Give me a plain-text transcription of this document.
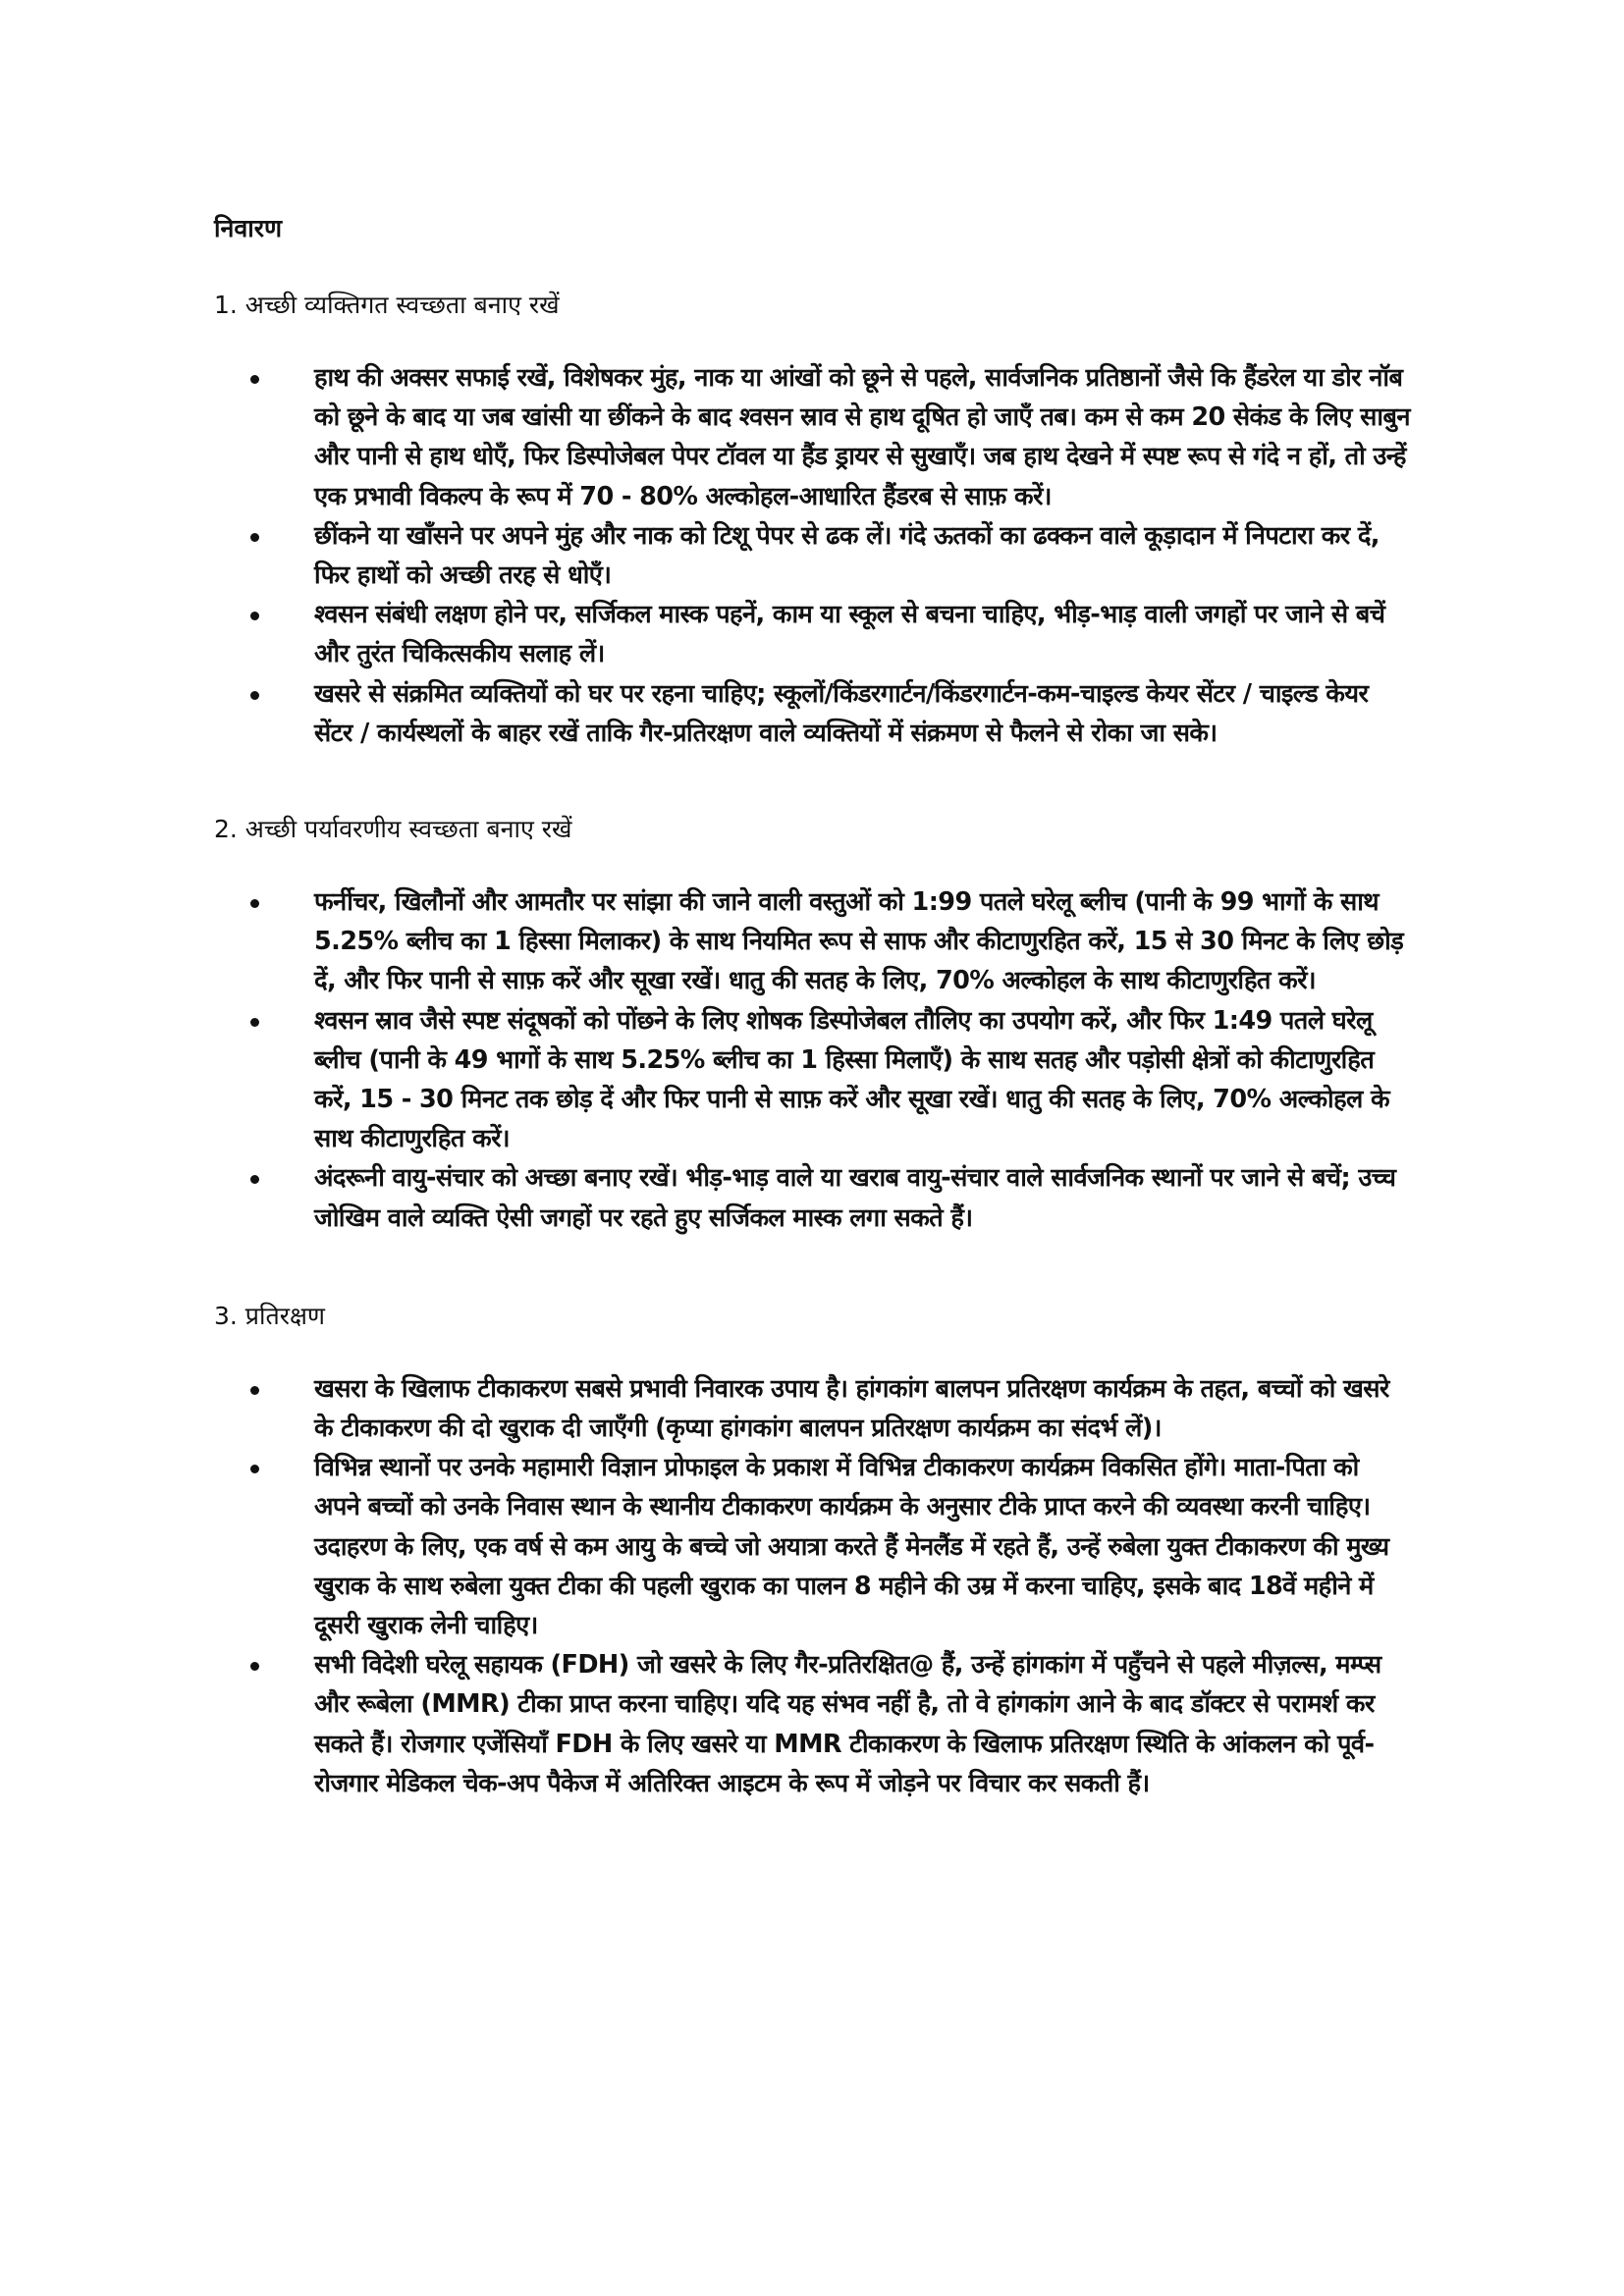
निवारण
1. अच्छी व्यक्तिगत स्वच्छता बनाए रखें
हाथ की अक्सर सफाई रखें, विशेषकर मुंह, नाक या आंखों को छूने से पहले, सार्वजनिक प्रतिष्ठानों जैसे कि हैंडरेल या डोर नॉब को छूने के बाद या जब खांसी या छींकने के बाद श्वसन स्राव से हाथ दूषित हो जाएँ तब। कम से कम 20 सेकंड के लिए साबुन और पानी से हाथ धोएँ, फिर डिस्पोजेबल पेपर टॉवल या हैंड ड्रायर से सुखाएँ। जब हाथ देखने में स्पष्ट रूप से गंदे न हों, तो उन्हें एक प्रभावी विकल्प के रूप में 70 - 80% अल्कोहल-आधारित हैंडरब से साफ़ करें।
छींकने या खाँसने पर अपने मुंह और नाक को टिशू पेपर से ढक लें। गंदे ऊतकों का ढक्कन वाले कूड़ादान में निपटारा कर दें, फिर हाथों को अच्छी तरह से धोएँ।
श्वसन संबंधी लक्षण होने पर, सर्जिकल मास्क पहनें, काम या स्कूल से बचना चाहिए, भीड़-भाड़ वाली जगहों पर जाने से बचें और तुरंत चिकित्सकीय सलाह लें।
खसरे से संक्रमित व्यक्तियों को घर पर रहना चाहिए; स्कूलों/किंडरगार्टन/किंडरगार्टन-कम-चाइल्ड केयर सेंटर / चाइल्ड केयर सेंटर / कार्यस्थलों के बाहर रखें ताकि गैर-प्रतिरक्षण वाले व्यक्तियों में संक्रमण से फैलने से रोका जा सके।
2. अच्छी पर्यावरणीय स्वच्छता बनाए रखें
फर्नीचर, खिलौनों और आमतौर पर सांझा की जाने वाली वस्तुओं को 1:99 पतले घरेलू ब्लीच (पानी के 99 भागों के साथ 5.25% ब्लीच का 1 हिस्सा मिलाकर) के साथ नियमित रूप से साफ और कीटाणुरहित करें, 15 से 30 मिनट के लिए छोड़ दें, और फिर पानी से साफ़ करें और सूखा रखें। धातु की सतह के लिए, 70% अल्कोहल के साथ कीटाणुरहित करें।
श्वसन स्राव जैसे स्पष्ट संदूषकों को पोंछने के लिए शोषक डिस्पोजेबल तौलिए का उपयोग करें, और फिर 1:49 पतले घरेलू ब्लीच (पानी के 49 भागों के साथ 5.25% ब्लीच का 1 हिस्सा मिलाएँ) के साथ सतह और पड़ोसी क्षेत्रों को कीटाणुरहित करें, 15 - 30 मिनट तक छोड़ दें और फिर पानी से साफ़ करें और सूखा रखें। धातु की सतह के लिए, 70% अल्कोहल के साथ कीटाणुरहित करें।
अंदरूनी वायु-संचार को अच्छा बनाए रखें। भीड़-भाड़ वाले या खराब वायु-संचार वाले सार्वजनिक स्थानों पर जाने से बचें; उच्च जोखिम वाले व्यक्ति ऐसी जगहों पर रहते हुए सर्जिकल मास्क लगा सकते हैं।
3. प्रतिरक्षण
खसरा के खिलाफ टीकाकरण सबसे प्रभावी निवारक उपाय है। हांगकांग बालपन प्रतिरक्षण कार्यक्रम के तहत, बच्चों को खसरे के टीकाकरण की दो खुराक दी जाएँगी (कृप्या हांगकांग बालपन प्रतिरक्षण कार्यक्रम का संदर्भ लें)।
विभिन्न स्थानों पर उनके महामारी विज्ञान प्रोफाइल के प्रकाश में विभिन्न टीकाकरण कार्यक्रम विकसित होंगे। माता-पिता को अपने बच्चों को उनके निवास स्थान के स्थानीय टीकाकरण कार्यक्रम के अनुसार टीके प्राप्त करने की व्यवस्था करनी चाहिए। उदाहरण के लिए, एक वर्ष से कम आयु के बच्चे जो अयात्रा करते हैं मेनलैंड में रहते हैं, उन्हें रुबेला युक्त टीकाकरण की मुख्य खुराक के साथ रुबेला युक्त टीका की पहली खुराक का पालन 8 महीने की उम्र में करना चाहिए, इसके बाद 18वें महीने में दूसरी खुराक लेनी चाहिए।
सभी विदेशी घरेलू सहायक (FDH) जो खसरे के लिए गैर-प्रतिरक्षित@ हैं, उन्हें हांगकांग में पहुँचने से पहले मीज़ल्स, मम्प्स और रूबेला (MMR) टीका प्राप्त करना चाहिए। यदि यह संभव नहीं है, तो वे हांगकांग आने के बाद डॉक्टर से परामर्श कर सकते हैं। रोजगार एजेंसियाँ FDH के लिए खसरे या MMR टीकाकरण के खिलाफ प्रतिरक्षण स्थिति के आंकलन को पूर्व-रोजगार मेडिकल चेक-अप पैकेज में अतिरिक्त आइटम के रूप में जोड़ने पर विचार कर सकती हैं।
